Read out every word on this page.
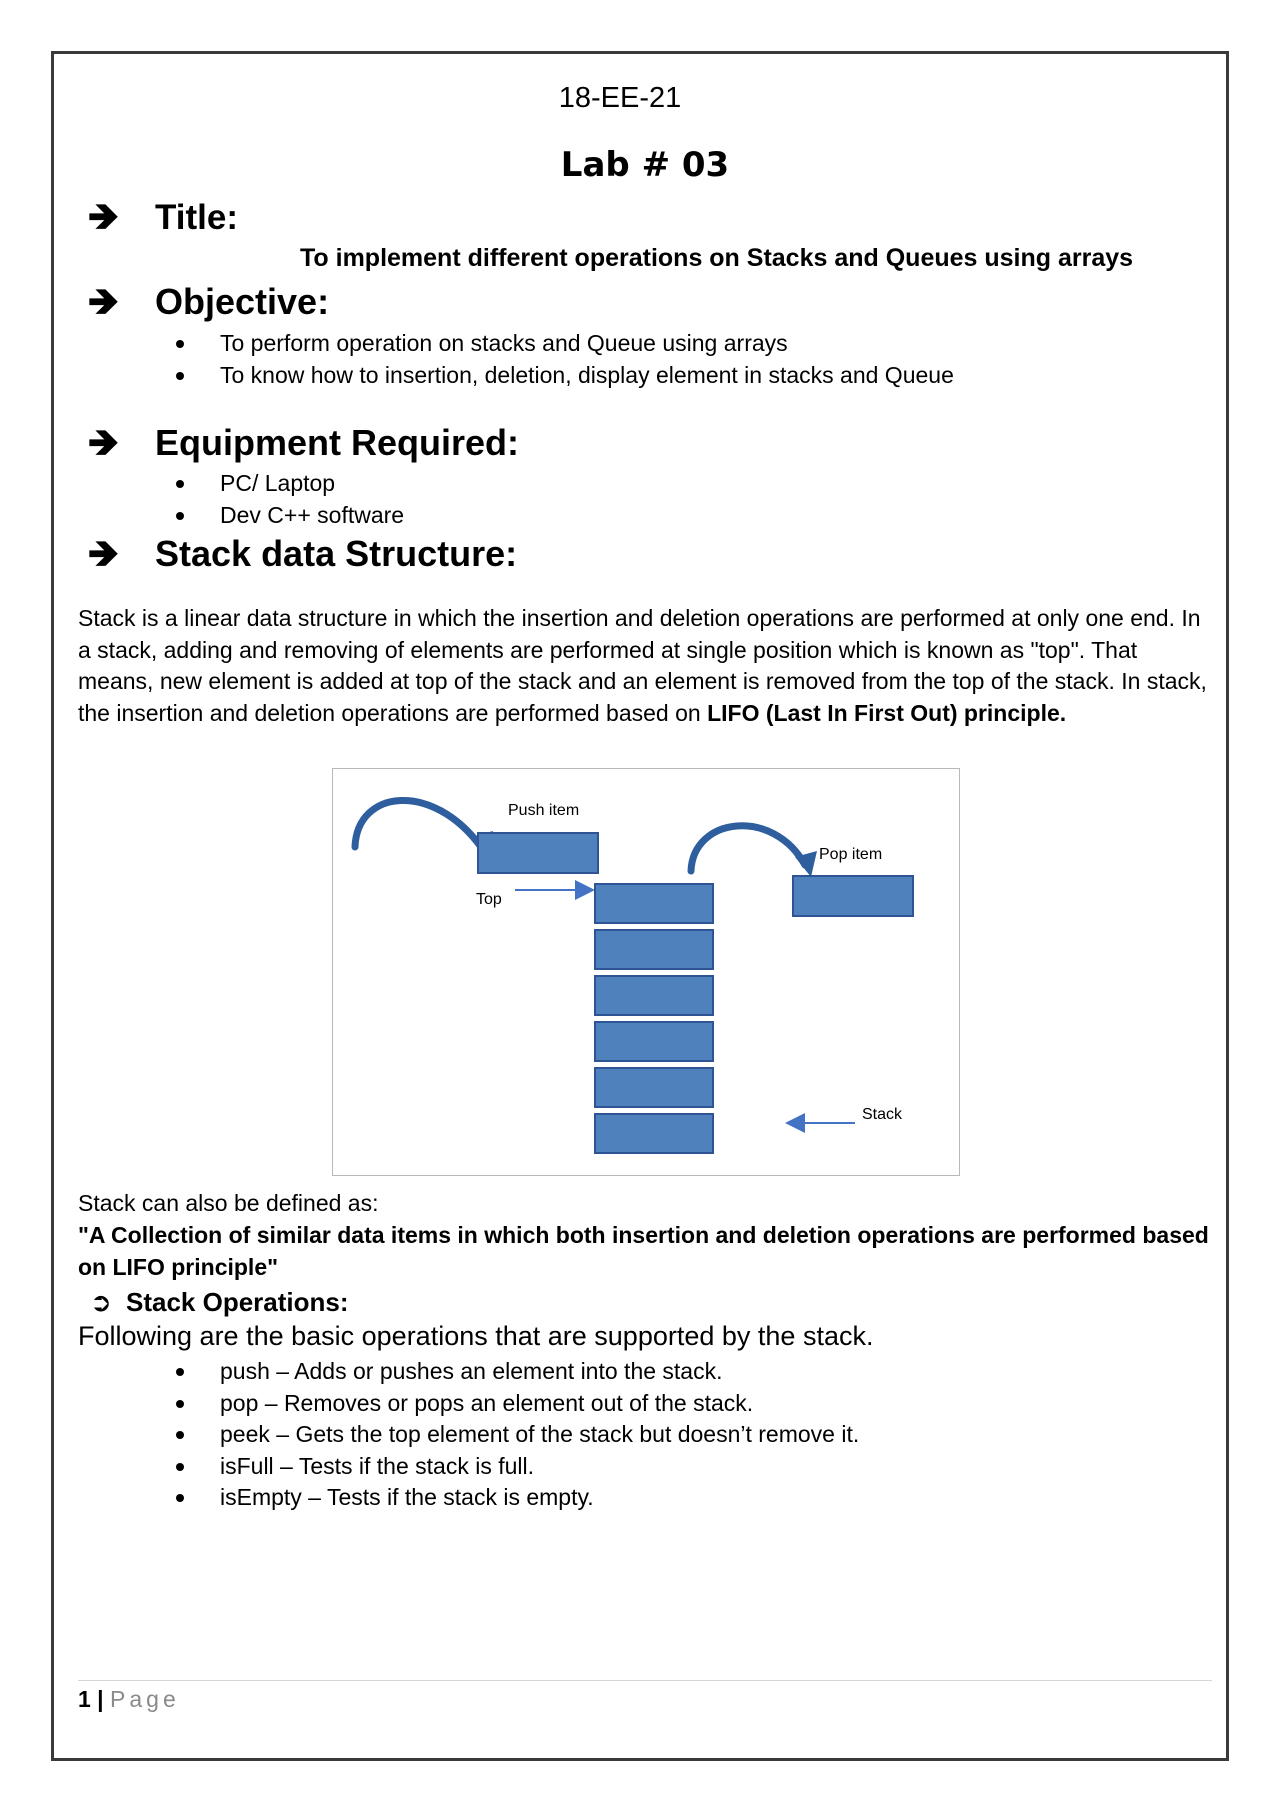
18-EE-21
Lab # 03
🡺 Title:
To implement different operations on Stacks and Queues using arrays
🡺 Objective:
To perform operation on stacks and Queue using arrays
To know how to insertion, deletion, display element in stacks and Queue
🡺 Equipment Required:
PC/ Laptop
Dev C++ software
🡺 Stack data Structure:
Stack is a linear data structure in which the insertion and deletion operations are performed at only one end. In a stack, adding and removing of elements are performed at single position which is known as "top". That means, new element is added at top of the stack and an element is removed from the top of the stack. In stack, the insertion and deletion operations are performed based on LIFO (Last In First Out) principle.
Push item
Top
Pop item
Stack
Stack can also be defined as:
"A Collection of similar data items in which both insertion and deletion operations are performed based on LIFO principle"
➲ Stack Operations:
Following are the basic operations that are supported by the stack.
push – Adds or pushes an element into the stack.
pop – Removes or pops an element out of the stack.
peek – Gets the top element of the stack but doesn’t remove it.
isFull – Tests if the stack is full.
isEmpty – Tests if the stack is empty.
1 | Page
